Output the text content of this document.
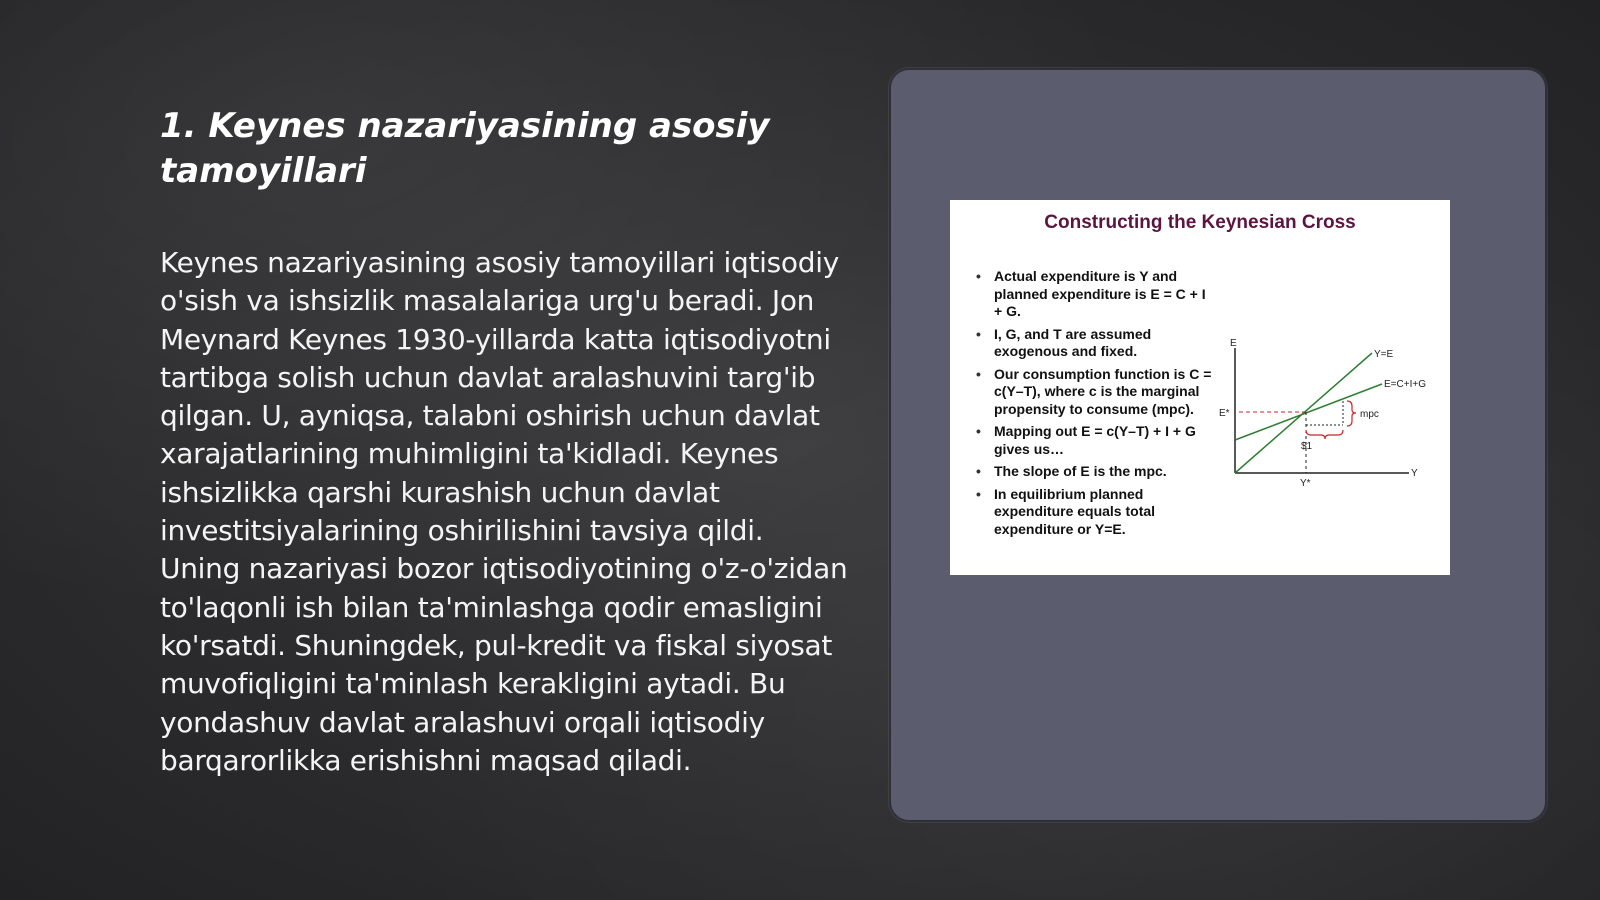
1. Keynes nazariyasining asosiy tamoyillari

Keynes nazariyasining asosiy tamoyillari iqtisodiy o'sish va ishsizlik masalalariga urg'u beradi. Jon Meynard Keynes 1930-yillarda katta iqtisodiyotni tartibga solish uchun davlat aralashuvini targ'ib qilgan. U, ayniqsa, talabni oshirish uchun davlat xarajatlarining muhimligini ta'kidladi. Keynes ishsizlikka qarshi kurashish uchun davlat investitsiyalarining oshirilishini tavsiya qildi. Uning nazariyasi bozor iqtisodiyotining o'z-o'zidan to'laqonli ish bilan ta'minlashga qodir emasligini ko'rsatdi. Shuningdek, pul-kredit va fiskal siyosat muvofiqligini ta'minlash kerakligini aytadi. Bu yondashuv davlat aralashuvi orqali iqtisodiy barqarorlikka erishishni maqsad qiladi.

Constructing the Keynesian Cross
• Actual expenditure is Y and planned expenditure is E = C + I + G.
• I, G, and T are assumed exogenous and fixed.
• Our consumption function is C = c(Y–T), where c is the marginal propensity to consume (mpc).
• Mapping out E = c(Y–T) + I + G gives us…
• The slope of E is the mpc.
• In equilibrium planned expenditure equals total expenditure or Y=E.
E
Y
Y=E
E=C+I+G
E*
Y*
mpc
$1
